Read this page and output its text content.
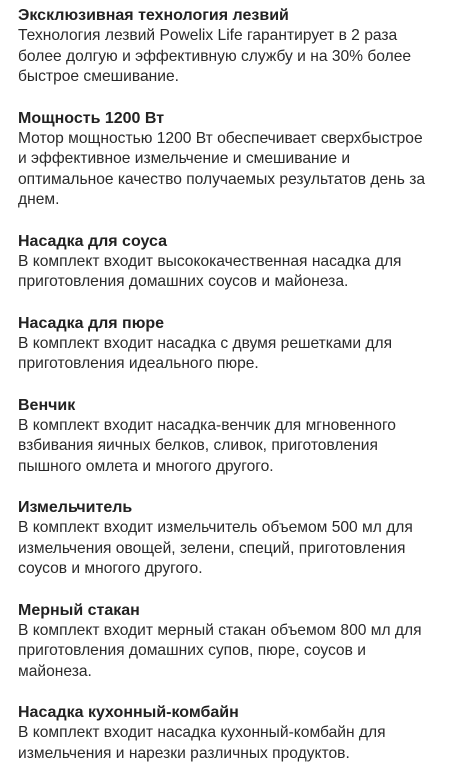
Эксклюзивная технология лезвий

Технология лезвий Powelix Life гарантирует в 2 раза более долгую и эффективную службу и на 30% более быстрое смешивание.

Мощность 1200 Вт

Мотор мощностью 1200 Вт обеспечивает сверхбыстрое и эффективное измельчение и смешивание и оптимальное качество получаемых результатов день за днем.

Насадка для соуса

В комплект входит высококачественная насадка для приготовления домашних соусов и майонеза.

Насадка для пюре

В комплект входит насадка с двумя решетками для приготовления идеального пюре.

Венчик

В комплект входит насадка-венчик для мгновенного взбивания яичных белков, сливок, приготовления пышного омлета и многого другого.

Измельчитель

В комплект входит измельчитель объемом 500 мл для измельчения овощей, зелени, специй, приготовления соусов и многого другого.

Мерный стакан

В комплект входит мерный стакан объемом 800 мл для приготовления домашних супов, пюре, соусов и майонеза.

Насадка кухонный-комбайн

В комплект входит насадка кухонный-комбайн для измельчения и нарезки различных продуктов.
